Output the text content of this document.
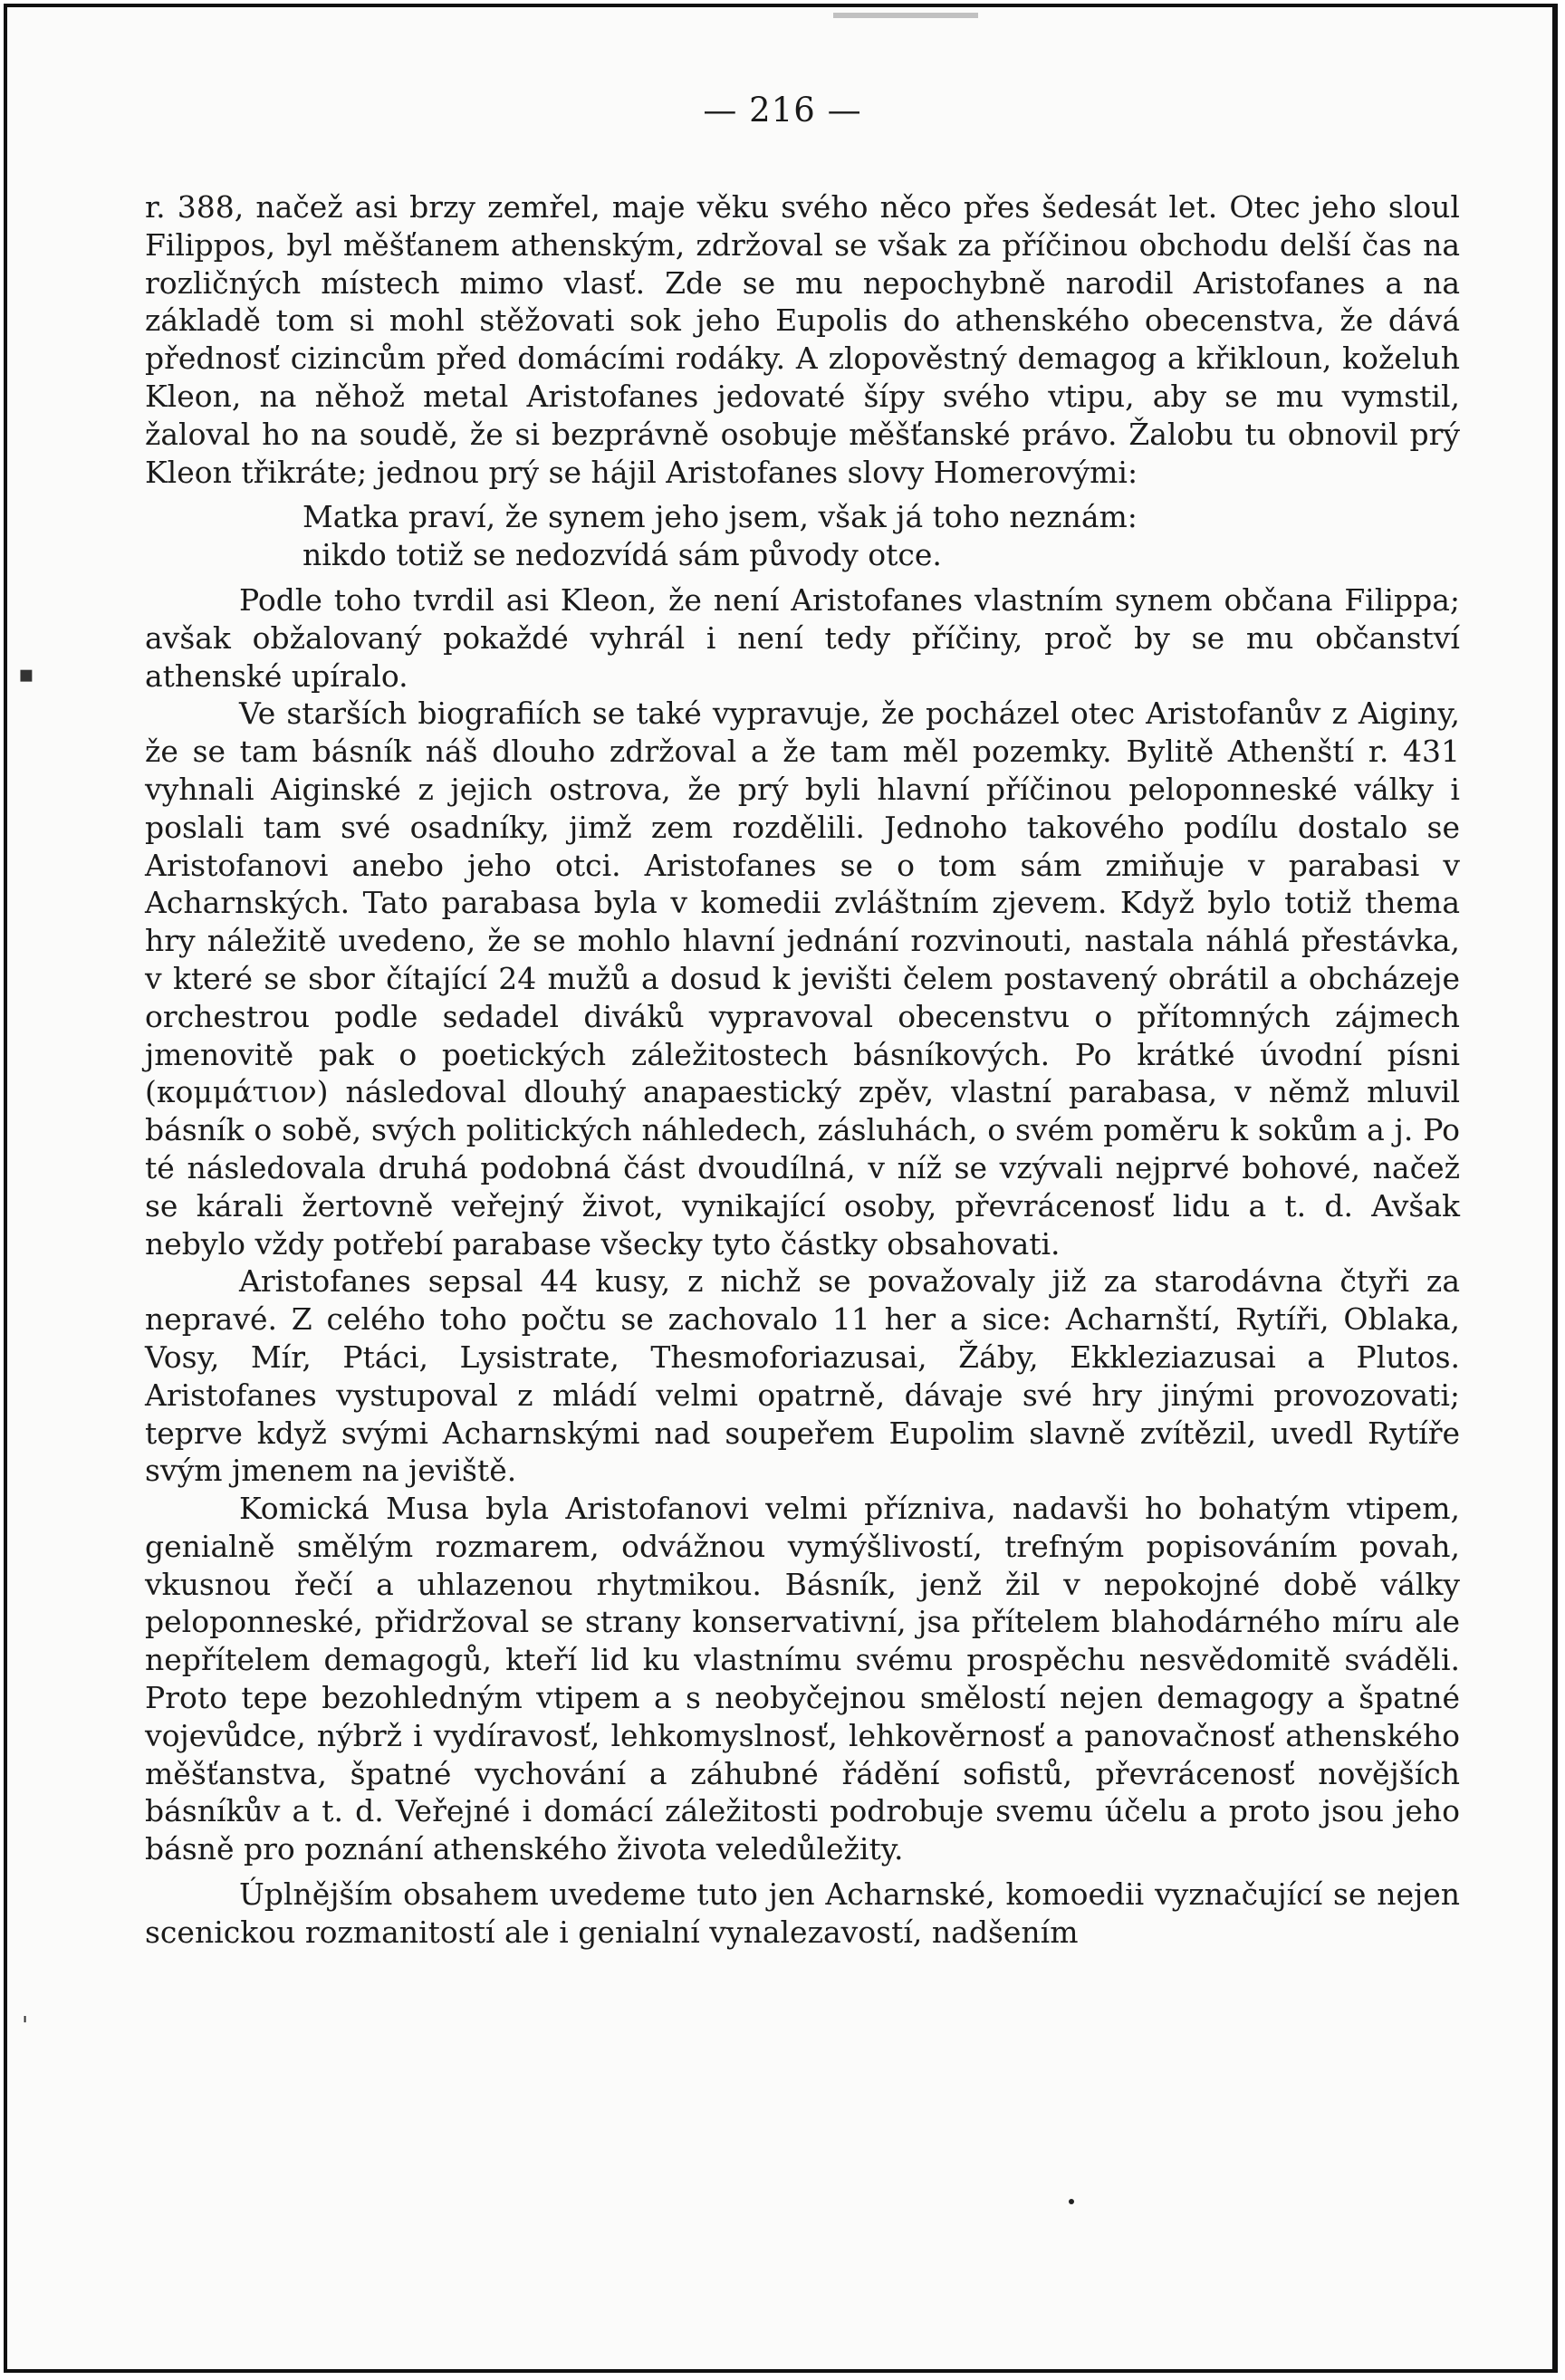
— 216 —

r. 388, načež asi brzy zemřel, maje věku svého něco přes šedesát let. Otec jeho sloul Filippos, byl měšťanem athenským, zdržoval se však za příčinou obchodu delší čas na rozličných místech mimo vlasť. Zde se mu nepochybně narodil Aristofanes a na základě tom si mohl stěžovati sok jeho Eupolis do athenského obecenstva, že dává přednosť cizincům před domácími rodáky. A zlopověstný demagog a křikloun, koželuh Kleon, na něhož metal Aristofanes jedovaté šípy svého vtipu, aby se mu vymstil, žaloval ho na soudě, že si bezprávně osobuje měšťanské právo. Žalobu tu obnovil prý Kleon třikráte; jednou prý se hájil Aristofanes slovy Homerovými:

Matka praví, že synem jeho jsem, však já toho neznám:
nikdo totiž se nedozvídá sám původy otce.

Podle toho tvrdil asi Kleon, že není Aristofanes vlastním synem občana Filippa; avšak obžalovaný pokaždé vyhrál i není tedy příčiny, proč by se mu občanství athenské upíralo.

Ve starších biografiích se také vypravuje, že pocházel otec Aristofanův z Aiginy, že se tam básník náš dlouho zdržoval a že tam měl pozemky. Bylitě Athenští r. 431 vyhnali Aiginské z jejich ostrova, že prý byli hlavní příčinou peloponneské války i poslali tam své osadníky, jimž zem rozdělili. Jednoho takového podílu dostalo se Aristofanovi anebo jeho otci. Aristofanes se o tom sám zmiňuje v parabasi v Acharnských. Tato parabasa byla v komedii zvláštním zjevem. Když bylo totiž thema hry náležitě uvedeno, že se mohlo hlavní jednání rozvinouti, nastala náhlá přestávka, v které se sbor čítající 24 mužů a dosud k jevišti čelem postavený obrátil a obcházeje orchestrou podle sedadel diváků vypravoval obecenstvu o přítomných zájmech jmenovitě pak o poetických záležitostech básníkových. Po krátké úvodní písni (κομμάτιον) následoval dlouhý anapaestický zpěv, vlastní parabasa, v němž mluvil básník o sobě, svých politických náhledech, zásluhách, o svém poměru k sokům a j. Po té následovala druhá podobná část dvoudílná, v níž se vzývali nejprvé bohové, načež se kárali žertovně veřejný život, vynikající osoby, převrácenosť lidu a t. d. Avšak nebylo vždy potřebí parabase všecky tyto částky obsahovati.

Aristofanes sepsal 44 kusy, z nichž se považovaly již za starodávna čtyři za nepravé. Z celého toho počtu se zachovalo 11 her a sice: Acharnští, Rytíři, Oblaka, Vosy, Mír, Ptáci, Lysistrate, Thesmoforiazusai, Žáby, Ekkleziazusai a Plutos. Aristofanes vystupoval z mládí velmi opatrně, dávaje své hry jinými provozovati; teprve když svými Acharnskými nad soupeřem Eupolim slavně zvítězil, uvedl Rytíře svým jmenem na jeviště.

Komická Musa byla Aristofanovi velmi přízniva, nadavši ho bohatým vtipem, genialně smělým rozmarem, odvážnou vymýšlivostí, trefným popisováním povah, vkusnou řečí a uhlazenou rhytmikou. Básník, jenž žil v nepokojné době války peloponneské, přidržoval se strany konservativní, jsa přítelem blahodárného míru ale nepřítelem demagogů, kteří lid ku vlastnímu svému prospěchu nesvědomitě sváděli. Proto tepe bezohledným vtipem a s neobyčejnou smělostí nejen demagogy a špatné vojevůdce, nýbrž i vydíravosť, lehkomyslnosť, lehkověrnosť a panovačnosť athenského měšťanstva, špatné vychování a záhubné řádění sofistů, převrácenosť novějších básníkův a t. d. Veřejné i domácí záležitosti podrobuje svemu účelu a proto jsou jeho básně pro poznání athenského života veledůležity.

Úplnějším obsahem uvedeme tuto jen Acharnské, komoedii vyznačující se nejen scenickou rozmanitostí ale i genialní vynalezavostí, nadšením

▪
'
